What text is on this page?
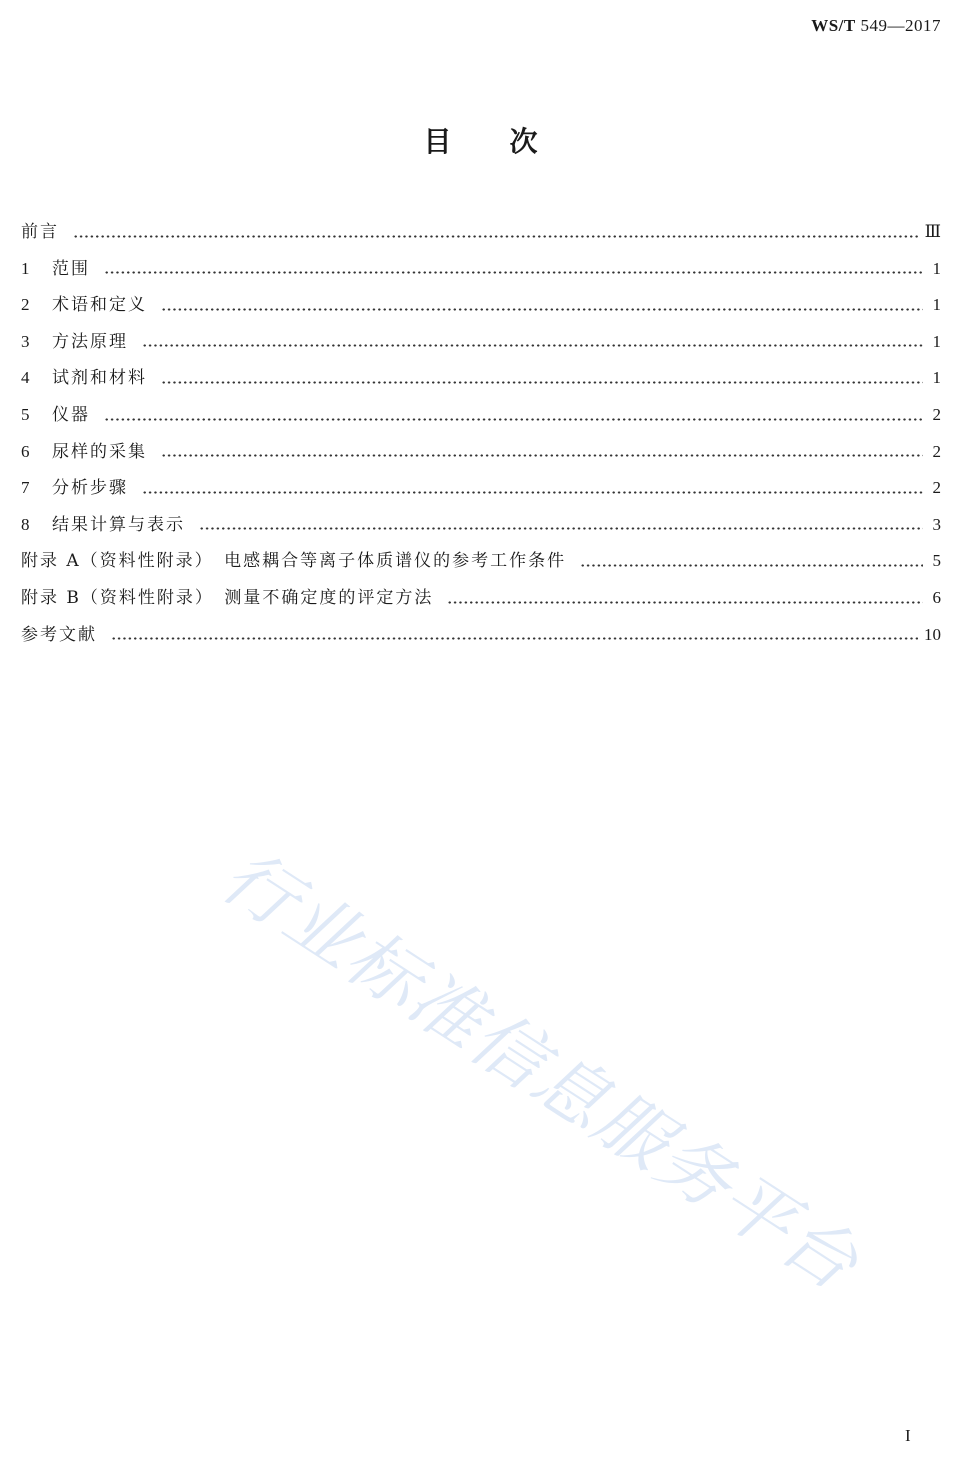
WS/T 549—2017
目 次
前言	Ⅲ
1	范围	1
2	术语和定义	1
3	方法原理	1
4	试剂和材料	1
5	仪器	2
6	尿样的采集	2
7	分析步骤	2
8	结果计算与表示	3
附录 A（资料性附录）　电感耦合等离子体质谱仪的参考工作条件	5
附录 B（资料性附录）　测量不确定度的评定方法	6
参考文献	10
行业标准信息服务平台
I
